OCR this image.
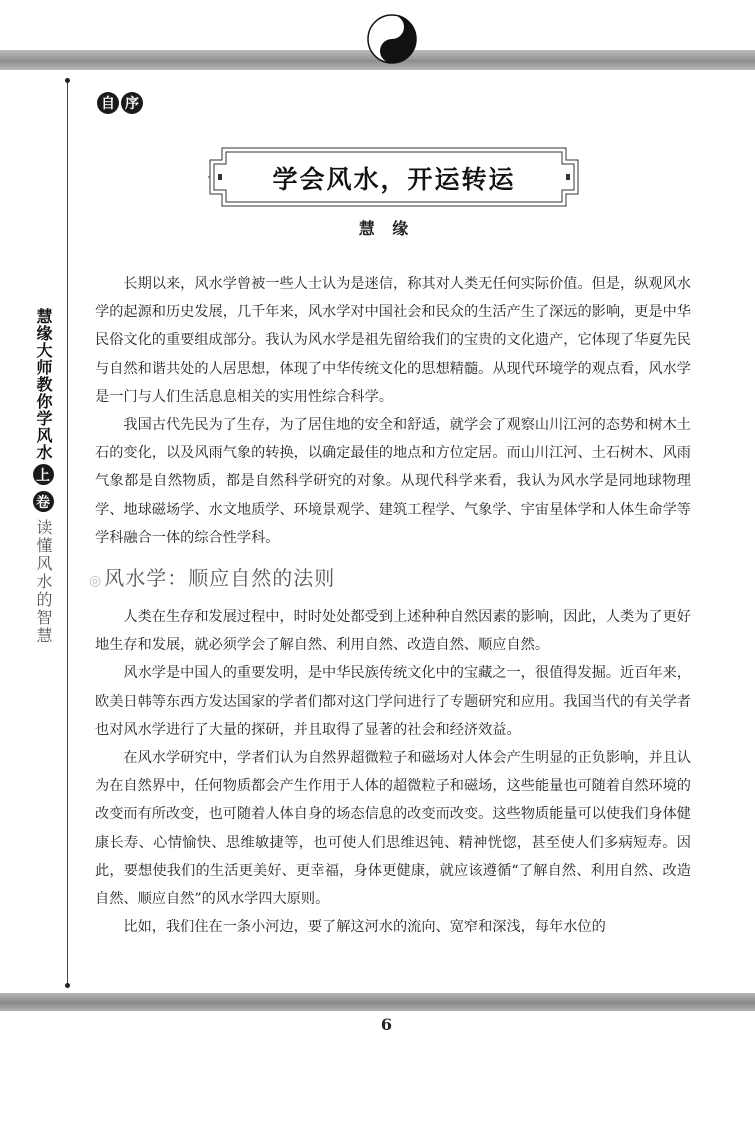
慧缘大师教你学风水
上
卷
读懂风水的智慧
自 序
学会风水，开运转运
慧 缘

长期以来，风水学曾被一些人士认为是迷信，称其对人类无任何实际价值。但是，纵观风水学的起源和历史发展，几千年来，风水学对中国社会和民众的生活产生了深远的影响，更是中华民俗文化的重要组成部分。我认为风水学是祖先留给我们的宝贵的文化遗产，它体现了华夏先民与自然和谐共处的人居思想，体现了中华传统文化的思想精髓。从现代环境学的观点看，风水学是一门与人们生活息息相关的实用性综合科学。

我国古代先民为了生存，为了居住地的安全和舒适，就学会了观察山川江河的态势和树木土石的变化，以及风雨气象的转换，以确定最佳的地点和方位定居。而山川江河、土石树木、风雨气象都是自然物质，都是自然科学研究的对象。从现代科学来看，我认为风水学是同地球物理学、地球磁场学、水文地质学、环境景观学、建筑工程学、气象学、宇宙星体学和人体生命学等学科融合一体的综合性学科。

◎ 风水学：顺应自然的法则

人类在生存和发展过程中，时时处处都受到上述种种自然因素的影响，因此，人类为了更好地生存和发展，就必须学会了解自然、利用自然、改造自然、顺应自然。

风水学是中国人的重要发明，是中华民族传统文化中的宝藏之一，很值得发掘。近百年来，欧美日韩等东西方发达国家的学者们都对这门学问进行了专题研究和应用。我国当代的有关学者也对风水学进行了大量的探研，并且取得了显著的社会和经济效益。

在风水学研究中，学者们认为自然界超微粒子和磁场对人体会产生明显的正负影响，并且认为在自然界中，任何物质都会产生作用于人体的超微粒子和磁场，这些能量也可随着自然环境的改变而有所改变，也可随着人体自身的场态信息的改变而改变。这些物质能量可以使我们身体健康长寿、心情愉快、思维敏捷等，也可使人们思维迟钝、精神恍惚，甚至使人们多病短寿。因此，要想使我们的生活更美好、更幸福，身体更健康，就应该遵循“了解自然、利用自然、改造自然、顺应自然”的风水学四大原则。

比如，我们住在一条小河边，要了解这河水的流向、宽窄和深浅，每年水位的

6
